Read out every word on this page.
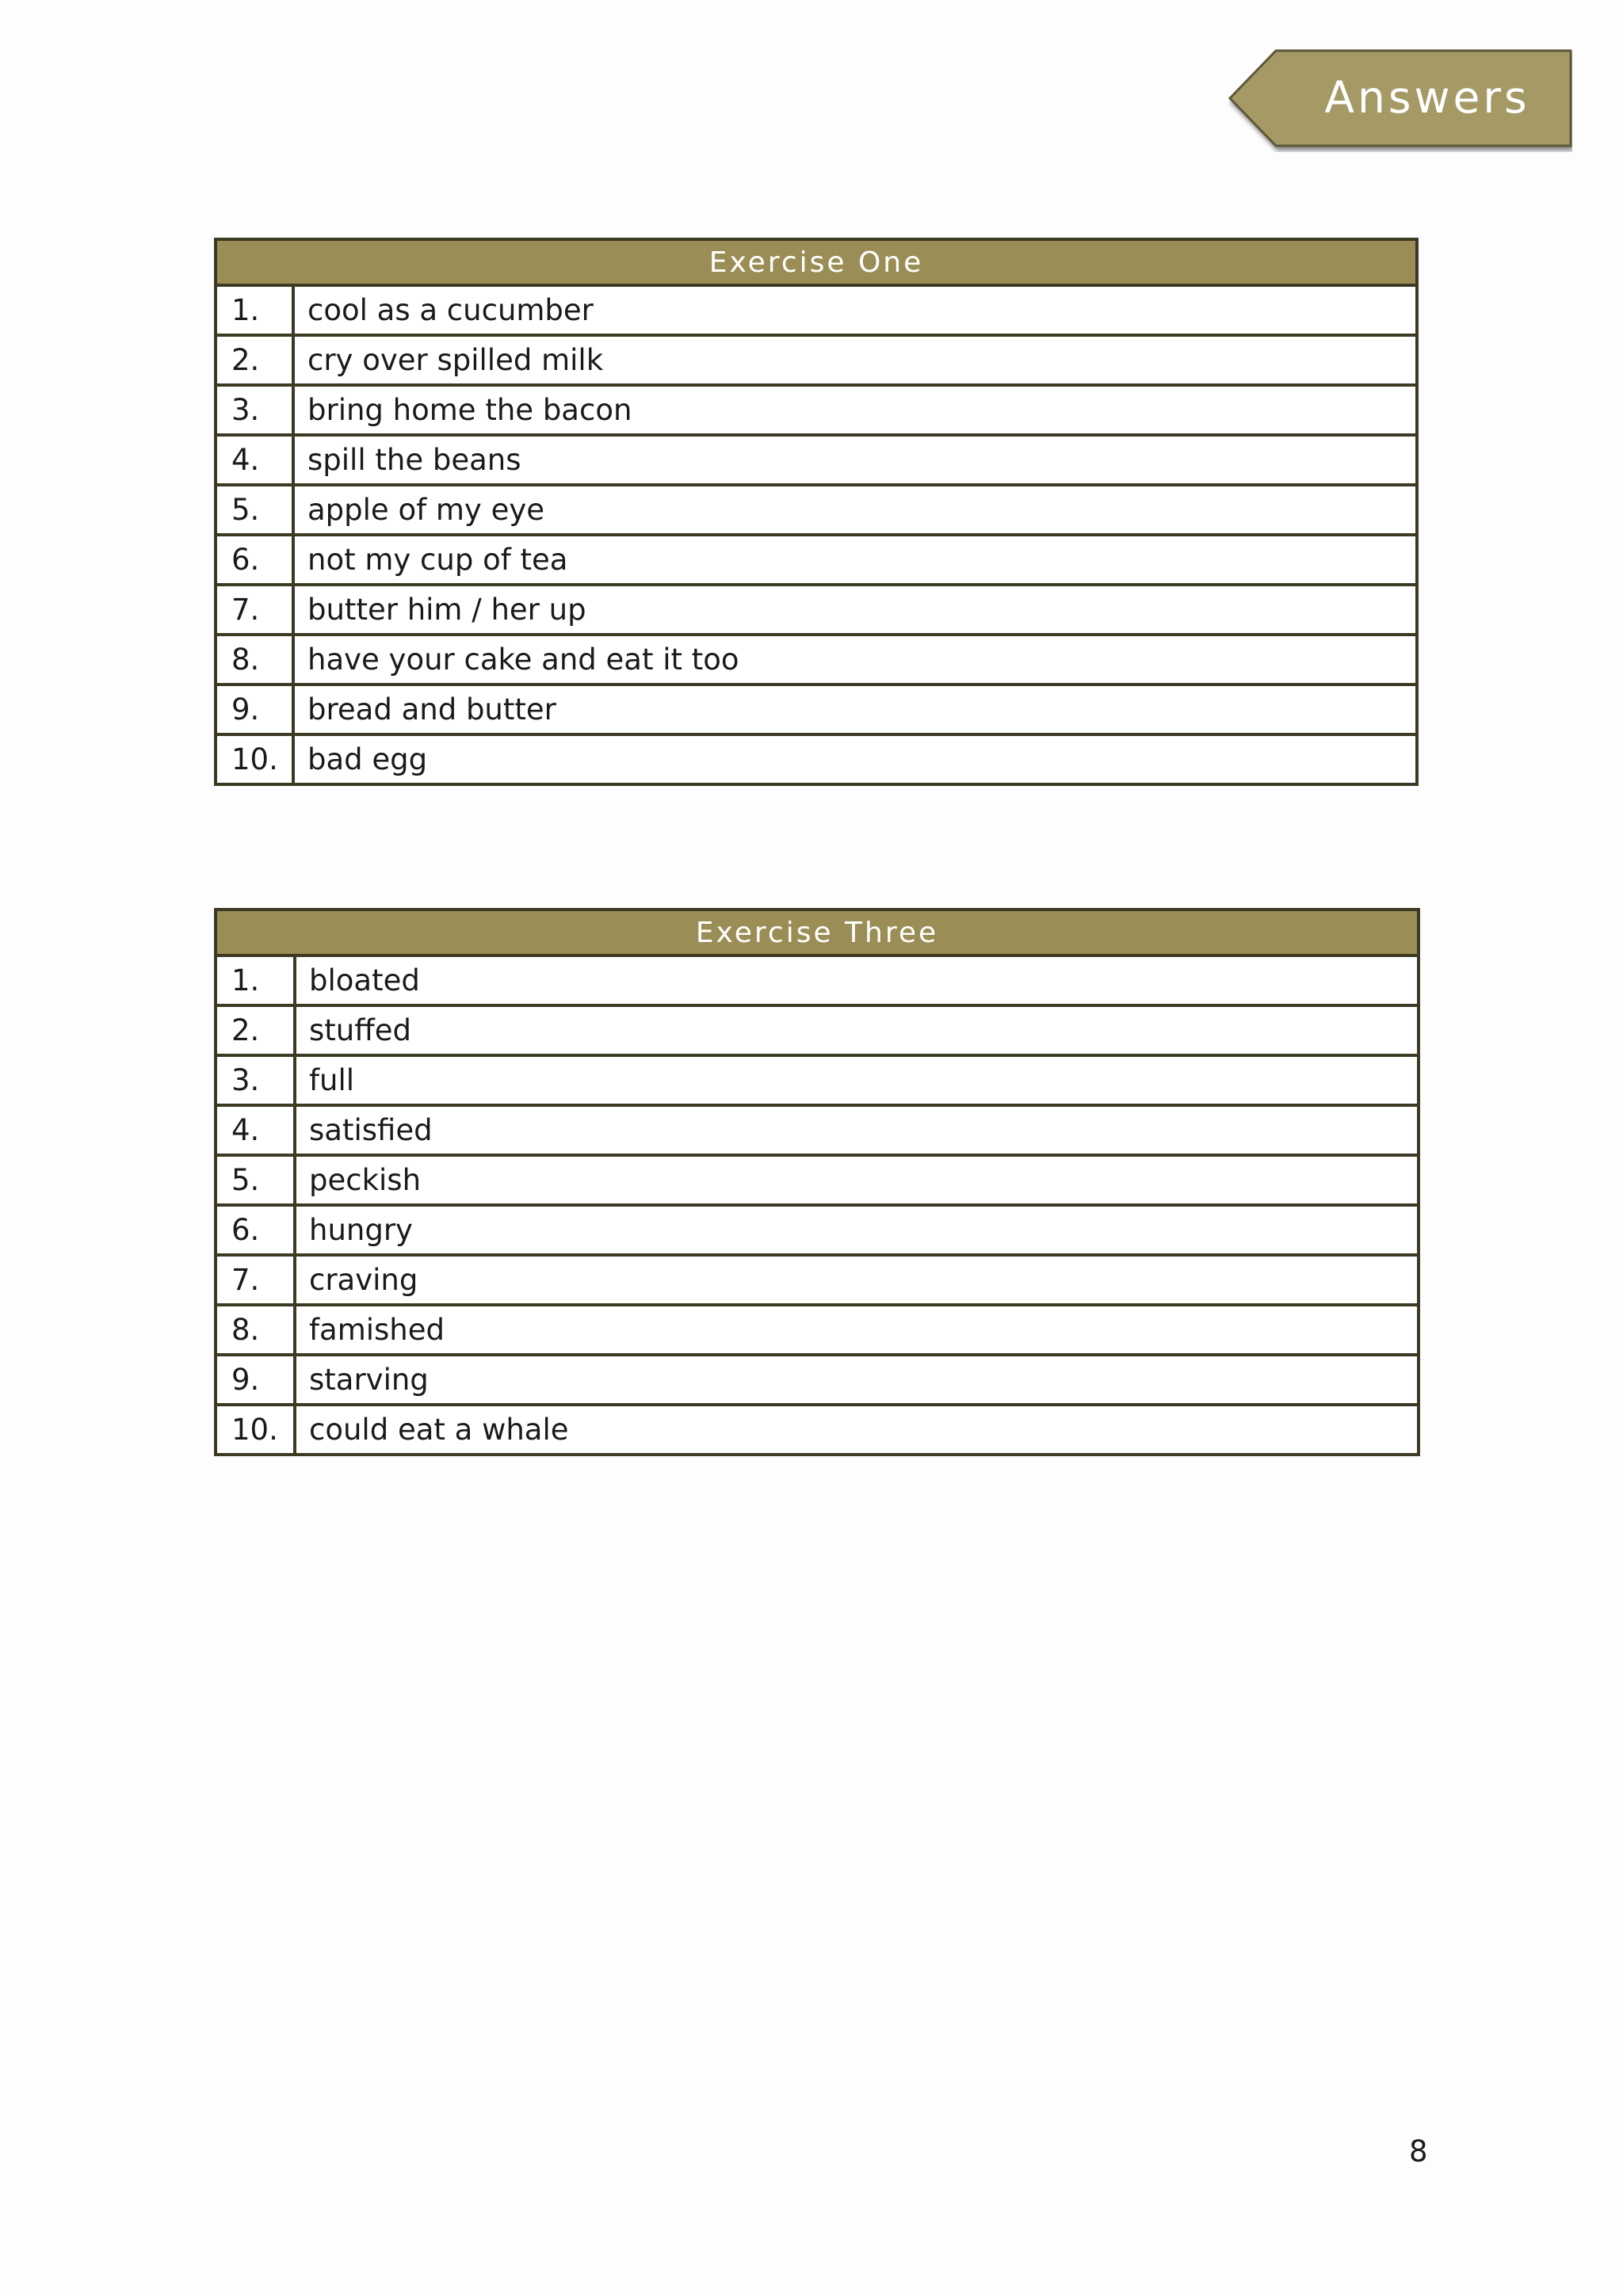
Answers
Exercise One	
1.	cool as a cucumber
2.	cry over spilled milk
3.	bring home the bacon
4.	spill the beans
5.	apple of my eye
6.	not my cup of tea
7.	butter him / her up
8.	have your cake and eat it too
9.	bread and butter
10.	bad egg
Exercise Three	
1.	bloated
2.	stuffed
3.	full
4.	satisfied
5.	peckish
6.	hungry
7.	craving
8.	famished
9.	starving
10.	could eat a whale
8
